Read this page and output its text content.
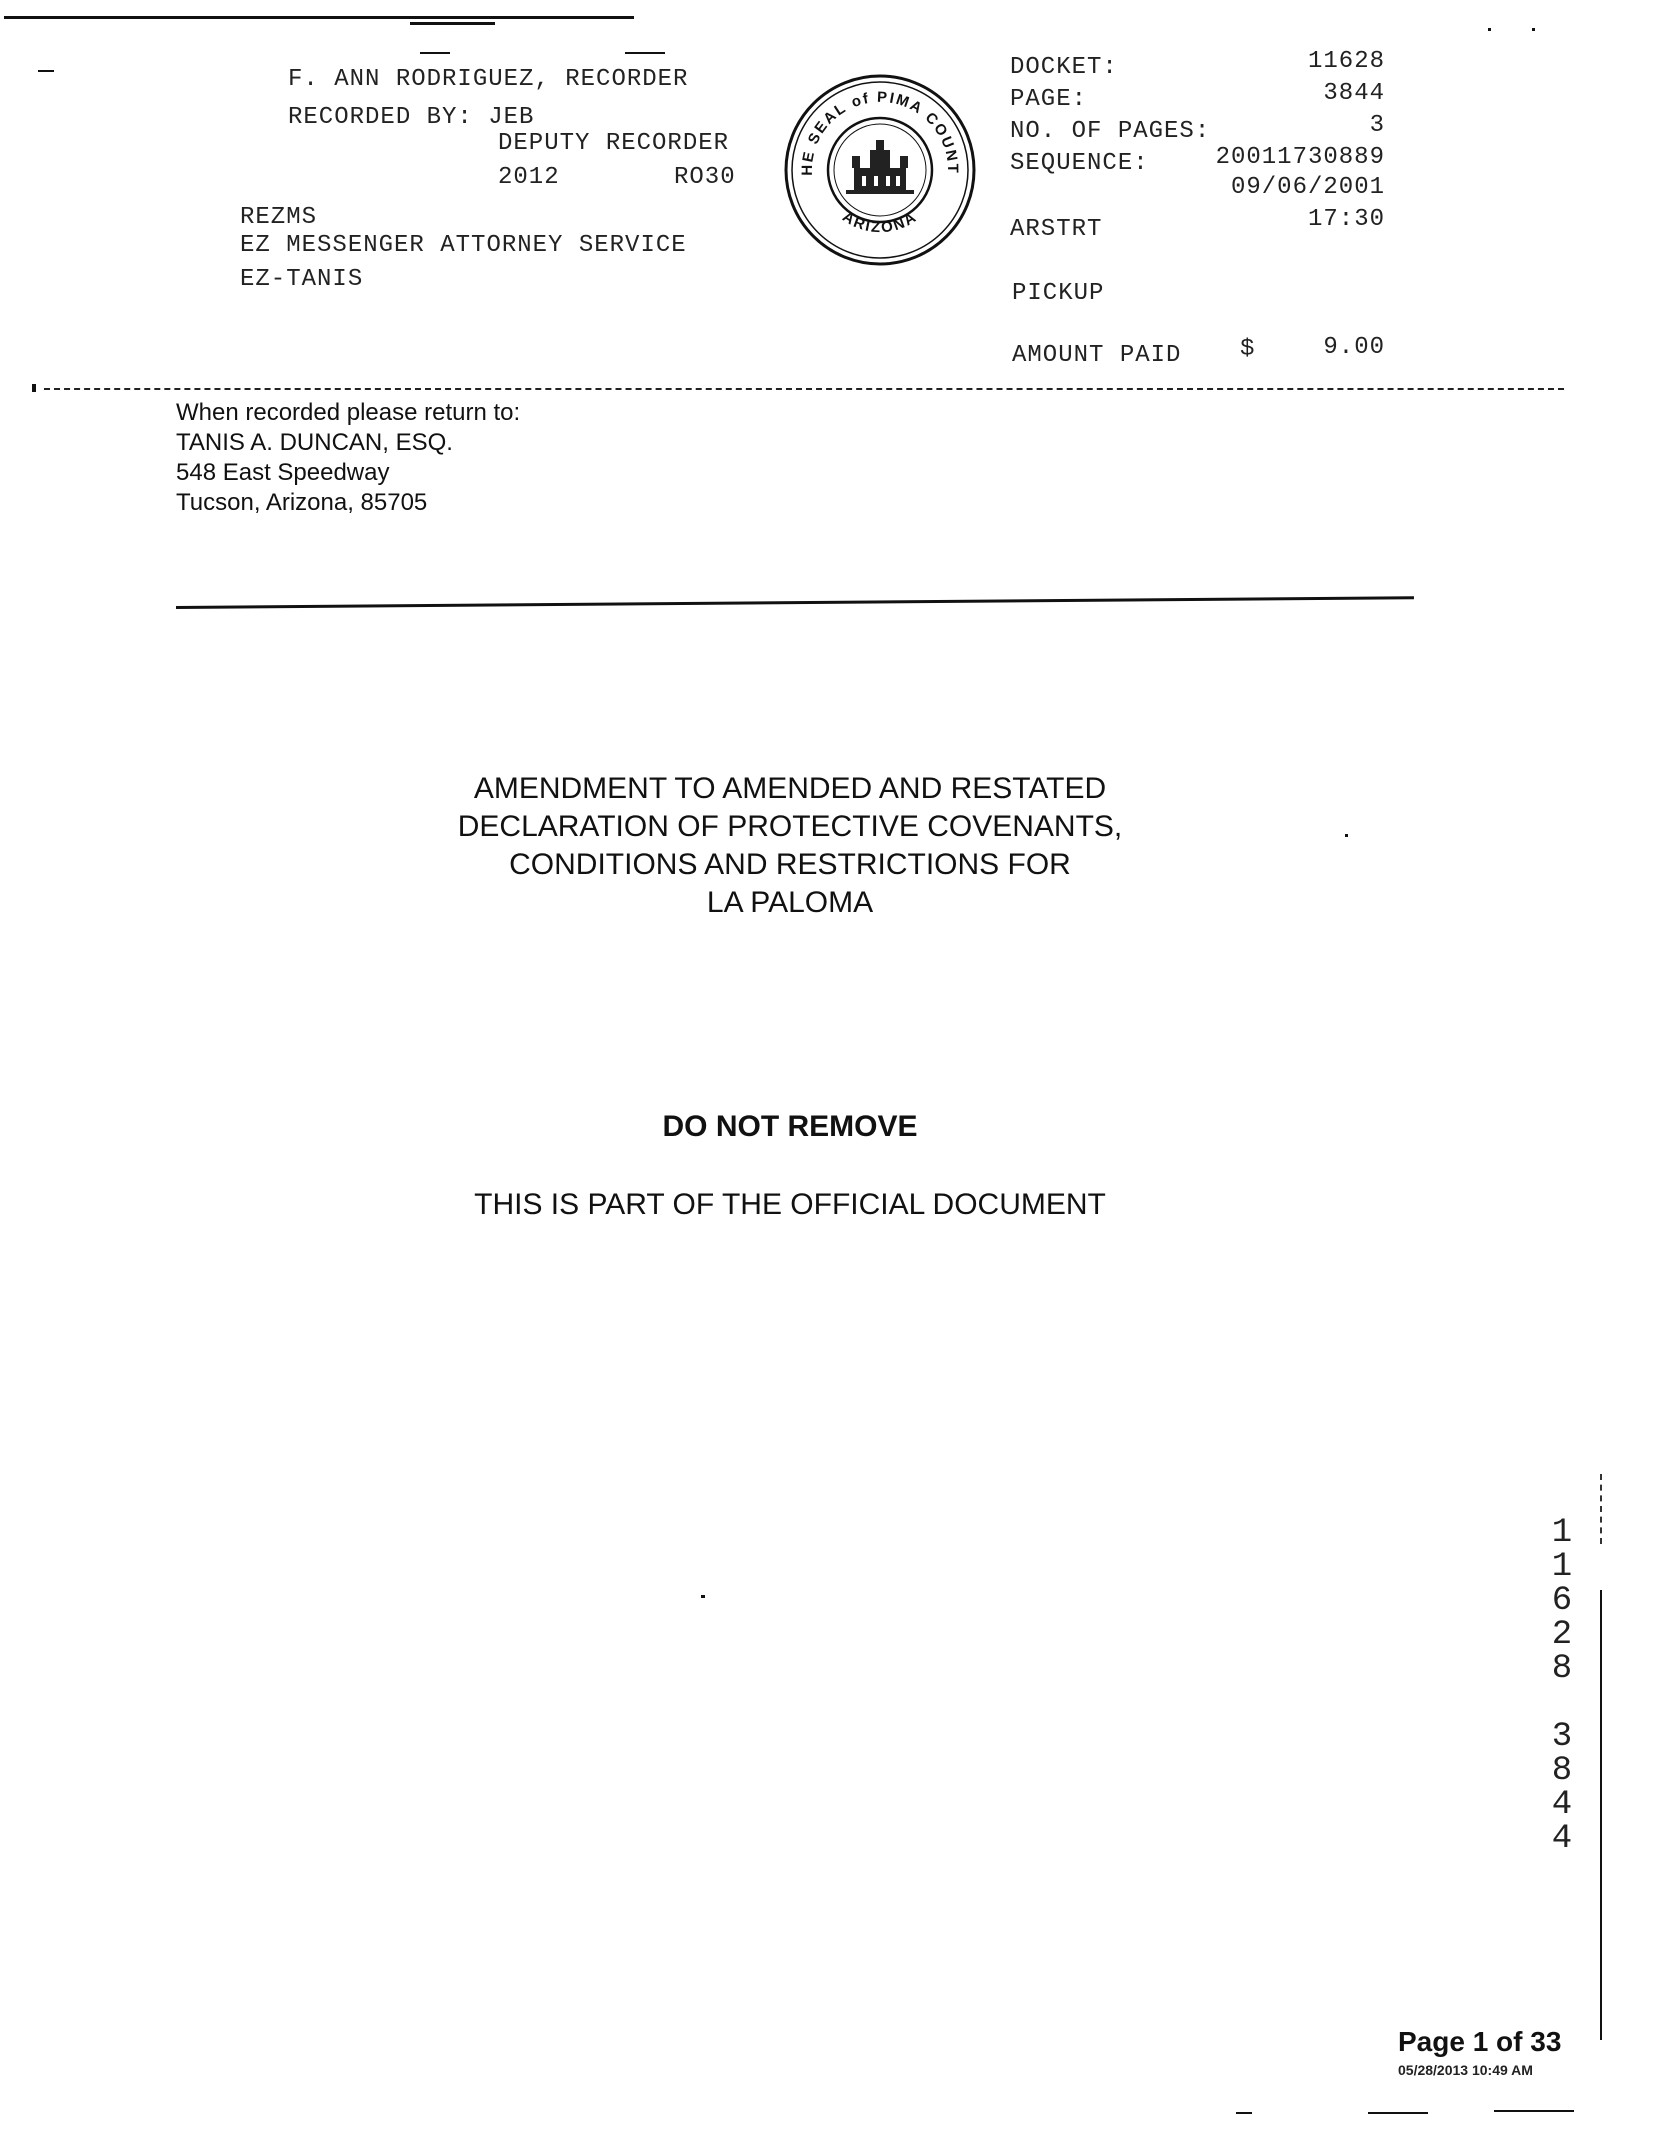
F. ANN RODRIGUEZ, RECORDER
RECORDED BY: JEB
DEPUTY RECORDER
2012	RO30
REZMS
EZ MESSENGER ATTORNEY SERVICE
EZ-TANIS
HE SEAL of PIMA COUNT
ARIZONA
DOCKET:	11628
PAGE:	3844
NO. OF PAGES:	3
SEQUENCE:	20011730889
09/06/2001
ARSTRT	17:30
PICKUP
AMOUNT PAID $	9.00
When recorded please return to:
TANIS A. DUNCAN, ESQ.
548 East Speedway
Tucson, Arizona, 85705
AMENDMENT TO AMENDED AND RESTATED
DECLARATION OF PROTECTIVE COVENANTS,
CONDITIONS AND RESTRICTIONS FOR
LA PALOMA
DO NOT REMOVE
THIS IS PART OF THE OFFICIAL DOCUMENT
1
1
6
2
8
3
8
4
4
Page 1 of 33
05/28/2013 10:49 AM
